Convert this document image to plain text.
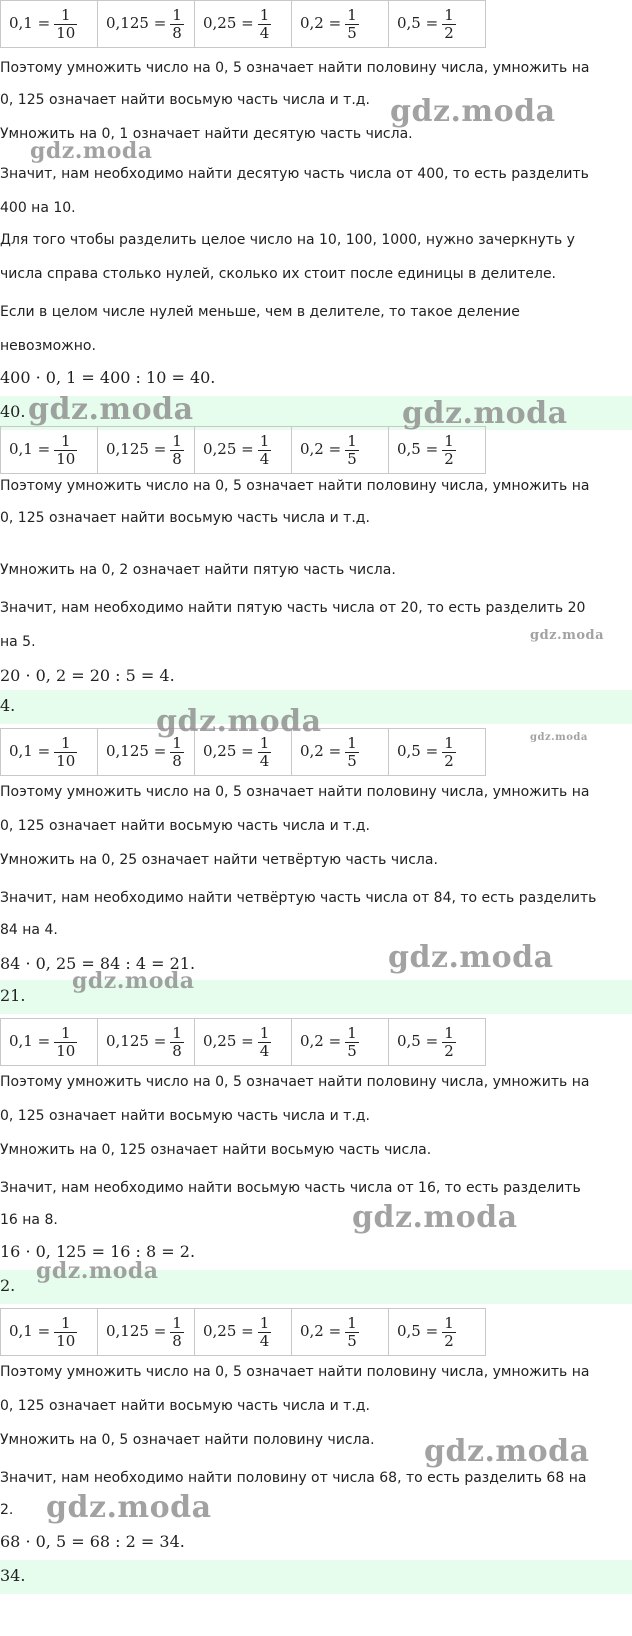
$0,1 = \frac{1}{10}$	$0,125 = \frac{1}{8}$	$0,25 = \frac{1}{4}$	$0,2 = \frac{1}{5}$	$0,5 = \frac{1}{2}$
Поэтому умножить число на 0, 5 означает найти половину числа, умножить на
0, 125 означает найти восьмую часть числа и т.д.
Умножить на 0, 1 означает найти десятую часть числа.
Значит, нам необходимо найти десятую часть числа от 400, то есть разделить
400 на 10.
Для того чтобы разделить целое число на 10, 100, 1000, нужно зачеркнуть у
числа справа столько нулей, сколько их стоит после единицы в делителе.
Если в целом числе нулей меньше, чем в делителе, то такое деление
невозможно.
400 · 0, 1 = 400 : 10 = 40.
40.
$0,1 = \frac{1}{10}$	$0,125 = \frac{1}{8}$	$0,25 = \frac{1}{4}$	$0,2 = \frac{1}{5}$	$0,5 = \frac{1}{2}$
Поэтому умножить число на 0, 5 означает найти половину числа, умножить на
0, 125 означает найти восьмую часть числа и т.д.
Умножить на 0, 2 означает найти пятую часть числа.
Значит, нам необходимо найти пятую часть числа от 20, то есть разделить 20
на 5.
20 · 0, 2 = 20 : 5 = 4.
4.
$0,1 = \frac{1}{10}$	$0,125 = \frac{1}{8}$	$0,25 = \frac{1}{4}$	$0,2 = \frac{1}{5}$	$0,5 = \frac{1}{2}$
Поэтому умножить число на 0, 5 означает найти половину числа, умножить на
0, 125 означает найти восьмую часть числа и т.д.
Умножить на 0, 25 означает найти четвёртую часть числа.
Значит, нам необходимо найти четвёртую часть числа от 84, то есть разделить
84 на 4.
84 · 0, 25 = 84 : 4 = 21.
21.
$0,1 = \frac{1}{10}$	$0,125 = \frac{1}{8}$	$0,25 = \frac{1}{4}$	$0,2 = \frac{1}{5}$	$0,5 = \frac{1}{2}$
Поэтому умножить число на 0, 5 означает найти половину числа, умножить на
0, 125 означает найти восьмую часть числа и т.д.
Умножить на 0, 125 означает найти восьмую часть числа.
Значит, нам необходимо найти восьмую часть числа от 16, то есть разделить
16 на 8.
16 · 0, 125 = 16 : 8 = 2.
2.
$0,1 = \frac{1}{10}$	$0,125 = \frac{1}{8}$	$0,25 = \frac{1}{4}$	$0,2 = \frac{1}{5}$	$0,5 = \frac{1}{2}$
Поэтому умножить число на 0, 5 означает найти половину числа, умножить на
0, 125 означает найти восьмую часть числа и т.д.
Умножить на 0, 5 означает найти половину числа.
Значит, нам необходимо найти половину от числа 68, то есть разделить 68 на
2.
68 · 0, 5 = 68 : 2 = 34.
34.
gdz.moda
gdz.moda
gdz.moda	gdz.moda
gdz.moda
gdz.moda	gdz.moda
gdz.moda
gdz.moda
gdz.moda
gdz.moda
gdz.moda
gdz.moda
